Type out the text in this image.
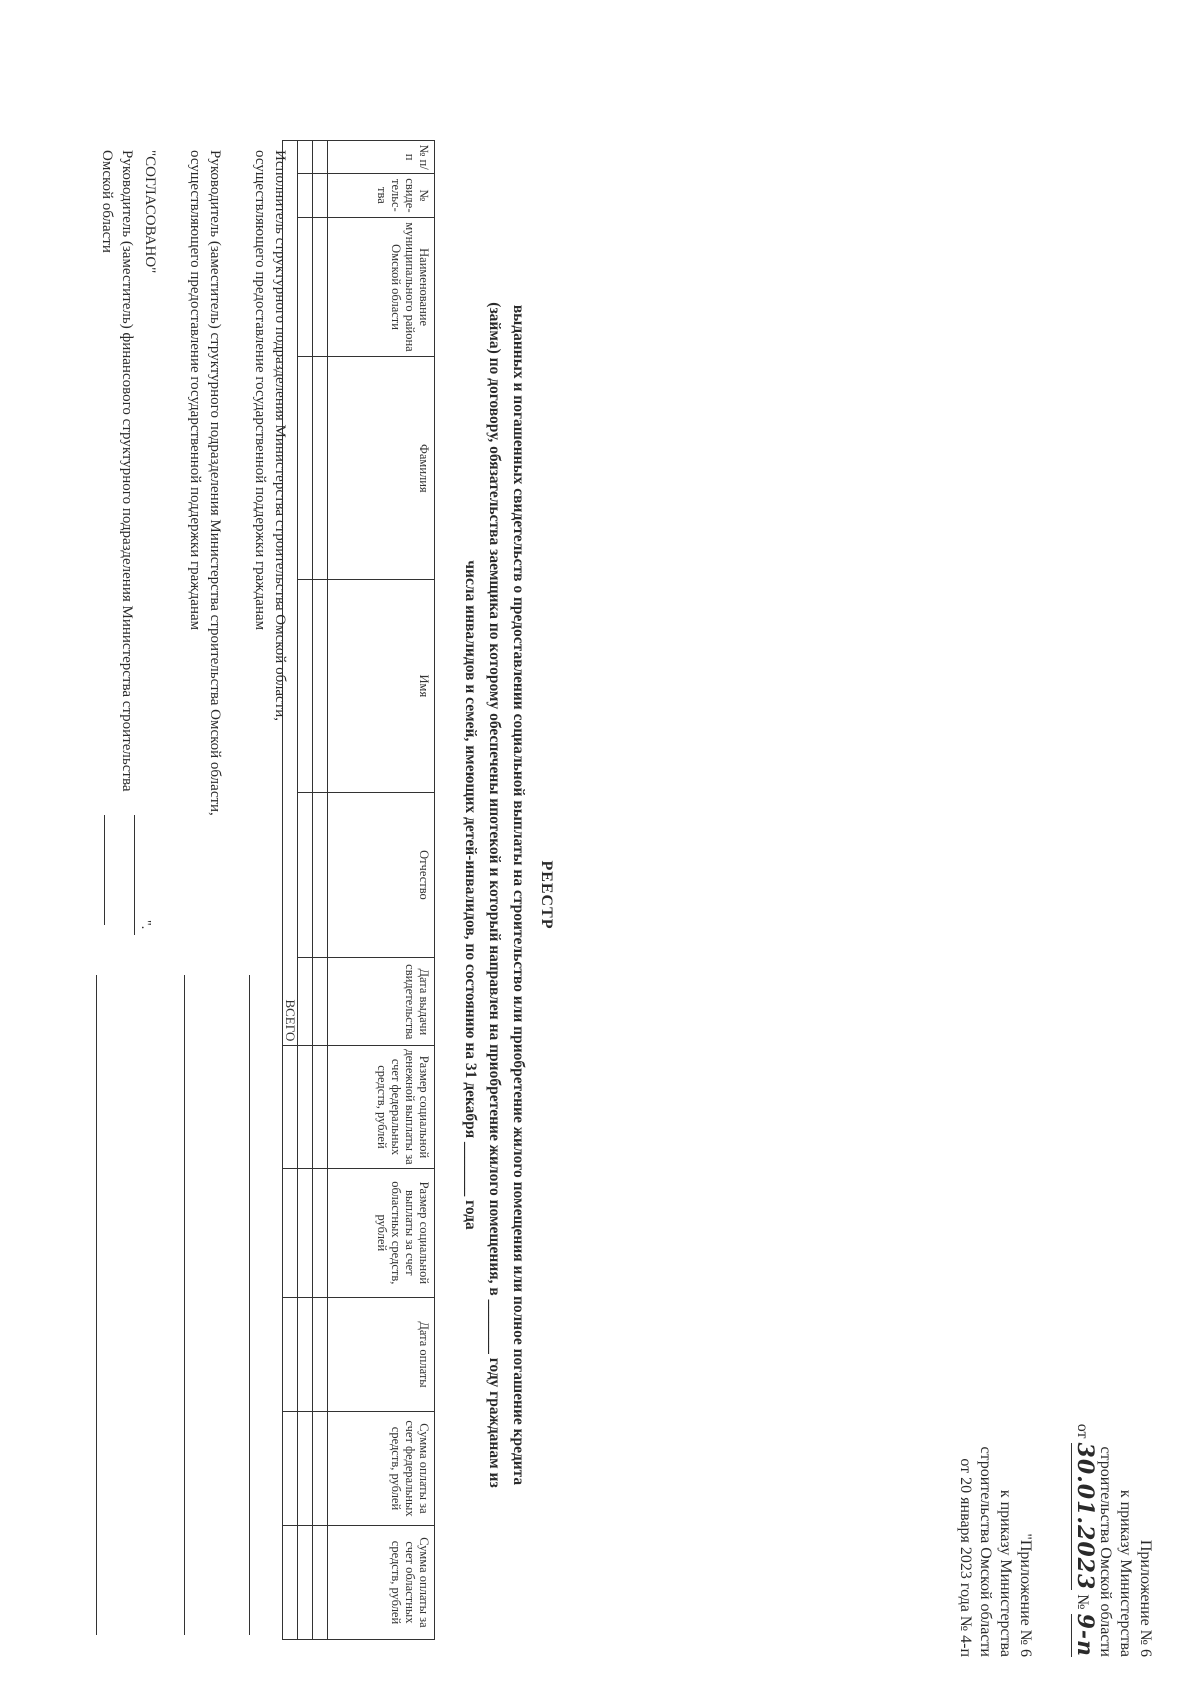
Приложение № 6
к приказу Министерства
строительства Омской области
от 30.01.2023 № 9-п
"Приложение № 6
к приказу Министерства
строительства Омской области
от 20 января 2023 года № 4-п
РЕЕСТР
выданных и погашенных свидетельств о предоставлении социальной выплаты на строительство или приобретение жилого помещения или полное погашение кредита
(займа) по договору, обязательства заемщика по которому обеспечены ипотекой и который направлен на приобретение жилого помещения, в _______ году гражданам из
числа инвалидов и семей, имеющих детей-инвалидов, по состоянию на 31 декабря _______ года
№ п/п	№ свиде-тельс-тва	Наименование муниципального района Омской области	Фамилия	Имя	Отчество	Дата выдачи свидетельства	Размер социальной денежной выплаты за счет федеральных средств, рублей	Размер социальной выплаты за счет областных средств, рублей	Дата оплаты	Сумма оплаты за счет федеральных средств, рублей	Сумма оплаты за счет областных средств, рублей

ВСЕГО											
Исполнитель структурного подразделения Министерства строительства Омской области,
осуществляющего предоставление государственной поддержки гражданам
Руководитель (заместитель) структурного подразделения Министерства строительства Омской области,
осуществляющего предоставление государственной поддержки гражданам
"СОГЛАСОВАНО"
Руководитель (заместитель) финансового структурного подразделения Министерства строительства
Омской области
".
